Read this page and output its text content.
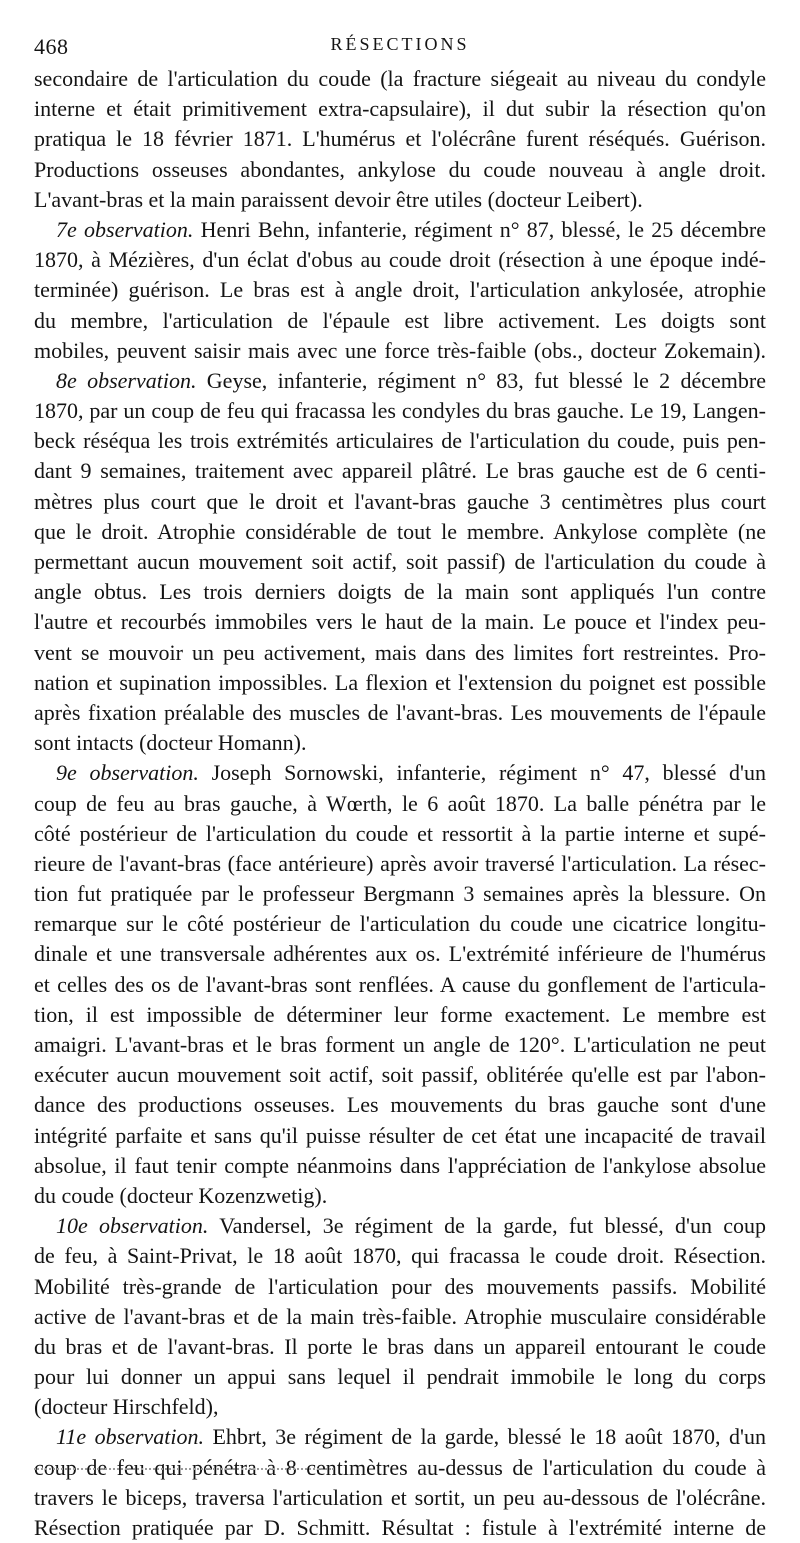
468	RÉSECTIONS
secondaire de l'articulation du coude (la fracture siégeait au niveau du condyle
interne et était primitivement extra-capsulaire), il dut subir la résection qu'on
pratiqua le 18 février 1871. L'humérus et l'olécrâne furent réséqués. Guérison.
Productions osseuses abondantes, ankylose du coude nouveau à angle droit.
L'avant-bras et la main paraissent devoir être utiles (docteur Leibert).
7e observation. Henri Behn, infanterie, régiment n° 87, blessé, le 25 décembre
1870, à Mézières, d'un éclat d'obus au coude droit (résection à une époque indé-
terminée) guérison. Le bras est à angle droit, l'articulation ankylosée, atrophie
du membre, l'articulation de l'épaule est libre activement. Les doigts sont
mobiles, peuvent saisir mais avec une force très-faible (obs., docteur Zokemain).
8e observation. Geyse, infanterie, régiment n° 83, fut blessé le 2 décembre
1870, par un coup de feu qui fracassa les condyles du bras gauche. Le 19, Langen-
beck réséqua les trois extrémités articulaires de l'articulation du coude, puis pen-
dant 9 semaines, traitement avec appareil plâtré. Le bras gauche est de 6 centi-
mètres plus court que le droit et l'avant-bras gauche 3 centimètres plus court
que le droit. Atrophie considérable de tout le membre. Ankylose complète (ne
permettant aucun mouvement soit actif, soit passif) de l'articulation du coude à
angle obtus. Les trois derniers doigts de la main sont appliqués l'un contre
l'autre et recourbés immobiles vers le haut de la main. Le pouce et l'index peu-
vent se mouvoir un peu activement, mais dans des limites fort restreintes. Pro-
nation et supination impossibles. La flexion et l'extension du poignet est possible
après fixation préalable des muscles de l'avant-bras. Les mouvements de l'épaule
sont intacts (docteur Homann).
9e observation. Joseph Sornowski, infanterie, régiment n° 47, blessé d'un
coup de feu au bras gauche, à Wœrth, le 6 août 1870. La balle pénétra par le
côté postérieur de l'articulation du coude et ressortit à la partie interne et supé-
rieure de l'avant-bras (face antérieure) après avoir traversé l'articulation. La résec-
tion fut pratiquée par le professeur Bergmann 3 semaines après la blessure. On
remarque sur le côté postérieur de l'articulation du coude une cicatrice longitu-
dinale et une transversale adhérentes aux os. L'extrémité inférieure de l'humérus
et celles des os de l'avant-bras sont renflées. A cause du gonflement de l'articula-
tion, il est impossible de déterminer leur forme exactement. Le membre est
amaigri. L'avant-bras et le bras forment un angle de 120°. L'articulation ne peut
exécuter aucun mouvement soit actif, soit passif, oblitérée qu'elle est par l'abon-
dance des productions osseuses. Les mouvements du bras gauche sont d'une
intégrité parfaite et sans qu'il puisse résulter de cet état une incapacité de travail
absolue, il faut tenir compte néanmoins dans l'appréciation de l'ankylose absolue
du coude (docteur Kozenzwetig).
10e observation. Vandersel, 3e régiment de la garde, fut blessé, d'un coup
de feu, à Saint-Privat, le 18 août 1870, qui fracassa le coude droit. Résection.
Mobilité très-grande de l'articulation pour des mouvements passifs. Mobilité
active de l'avant-bras et de la main très-faible. Atrophie musculaire considérable
du bras et de l'avant-bras. Il porte le bras dans un appareil entourant le coude
pour lui donner un appui sans lequel il pendrait immobile le long du corps
(docteur Hirschfeld),
11e observation. Ehbrt, 3e régiment de la garde, blessé le 18 août 1870, d'un
coup de feu qui pénétra à 8 centimètres au-dessus de l'articulation du coude à
travers le biceps, traversa l'articulation et sortit, un peu au-dessous de l'olécrâne.
Résection pratiquée par D. Schmitt. Résultat : fistule à l'extrémité interne de
